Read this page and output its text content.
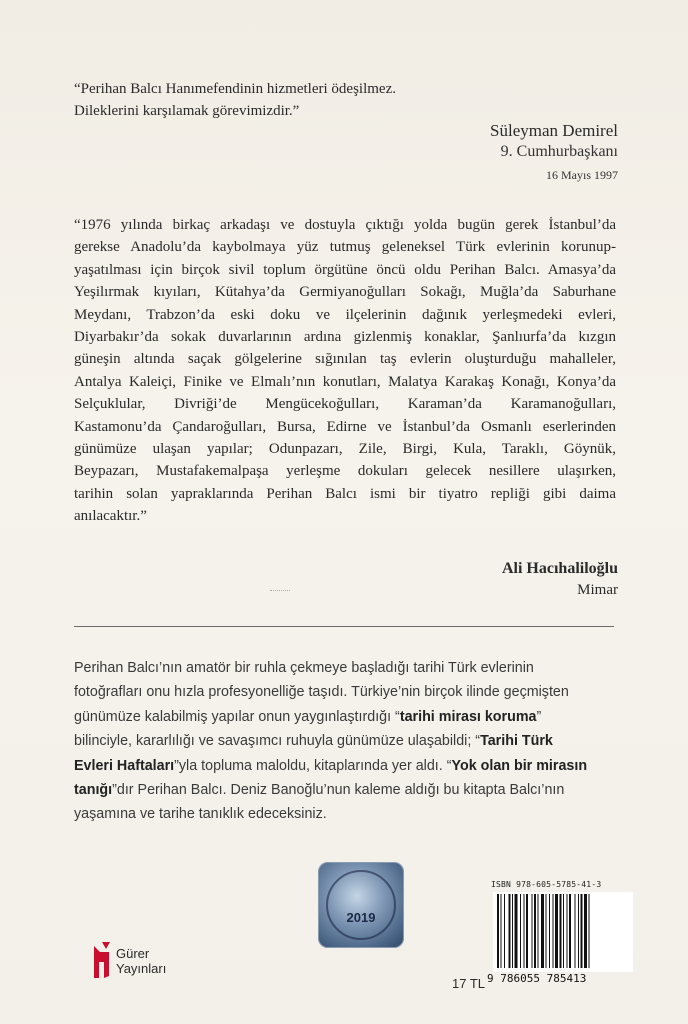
“Perihan Balcı Hanımefendinin hizmetleri ödeşilmez.

Dileklerini karşılamak görevimizdir.”

Süleyman Demirel
9. Cumhurbaşkanı
16 Mayıs 1997
“1976 yılında birkaç arkadaşı ve dostuyla çıktığı yolda bugün gerek İstanbul’da
gerekse Anadolu’da kaybolmaya yüz tutmuş geleneksel Türk evlerinin korunup-
yaşatılması için birçok sivil toplum örgütüne öncü oldu Perihan Balcı. Amasya’da
Yeşilırmak kıyıları, Kütahya’da Germiyanoğulları Sokağı, Muğla’da Saburhane
Meydanı, Trabzon’da eski doku ve ilçelerinin dağınık yerleşmedeki evleri,
Diyarbakır’da sokak duvarlarının ardına gizlenmiş konaklar, Şanlıurfa’da kızgın
güneşin altında saçak gölgelerine sığınılan taş evlerin oluşturduğu mahalleler,
Antalya Kaleiçi, Finike ve Elmalı’nın konutları, Malatya Karakaş Konağı, Konya’da
Selçuklular, Divriği’de Mengücekoğulları, Karaman’da Karamanoğulları,
Kastamonu’da Çandaroğulları, Bursa, Edirne ve İstanbul’da Osmanlı eserlerinden
günümüze ulaşan yapılar; Odunpazarı, Zile, Birgi, Kula, Taraklı, Göynük,
Beypazarı, Mustafakemalpaşa yerleşme dokuları gelecek nesillere ulaşırken,
tarihin solan yapraklarında Perihan Balcı ismi bir tiyatro repliği gibi daima
anılacaktır.”
Ali Hacıhaliloğlu
Mimar
Perihan Balcı’nın amatör bir ruhla çekmeye başladığı tarihi Türk evlerinin
fotoğrafları onu hızla profesyonelliğe taşıdı. Türkiye’nin birçok ilinde geçmişten
günümüze kalabilmiş yapılar onun yaygınlaştırdığı “tarihi mirası koruma”
bilinciyle, kararlılığı ve savaşımcı ruhuyla günümüze ulaşabildi; “Tarihi Türk
Evleri Haftaları”yla topluma maloldu, kitaplarında yer aldı. “Yok olan bir mirasın
tanığı”dır Perihan Balcı. Deniz Banoğlu’nun kaleme aldığı bu kitapta Balcı’nın
yaşamına ve tarihe tanıklık edeceksiniz.
Gürer
Yayınları
2019
17 TL
ISBN 978-605-5785-41-3
9 786055 785413
